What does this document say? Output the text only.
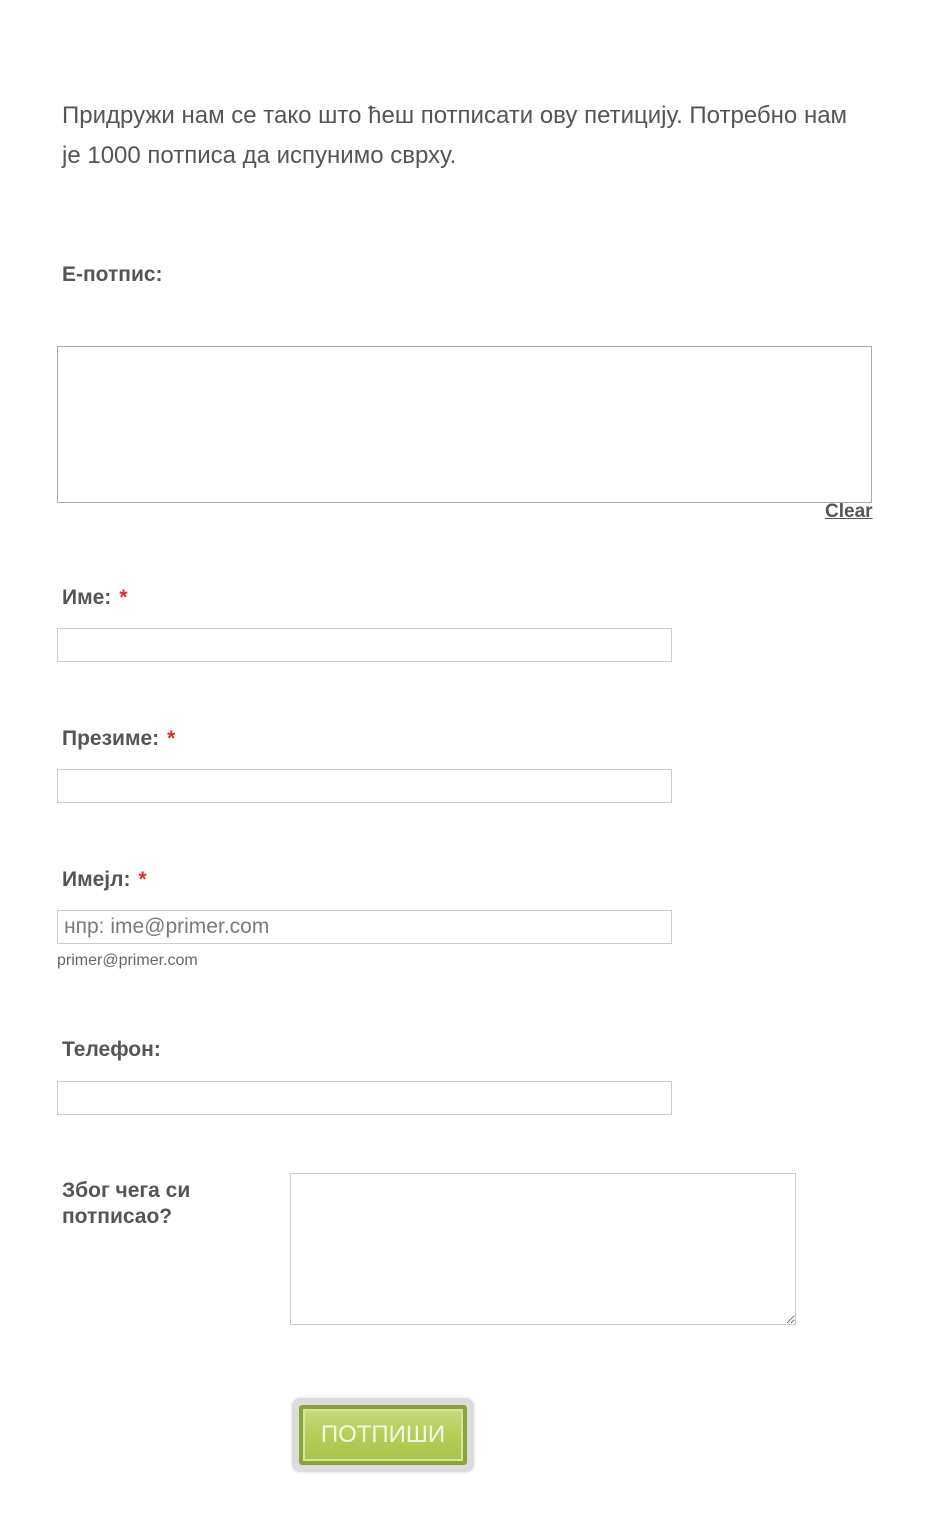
Придружи нам се тако што ћеш потписати ову петицију. Потребно нам је 1000 потписа да испунимо сврху.
Е-потпис:
Clear
Име: *
Презиме: *
Имејл: *
нпр: ime@primer.com
primer@primer.com
Телефон:
Због чега си потписао?
ПОТПИШИ
